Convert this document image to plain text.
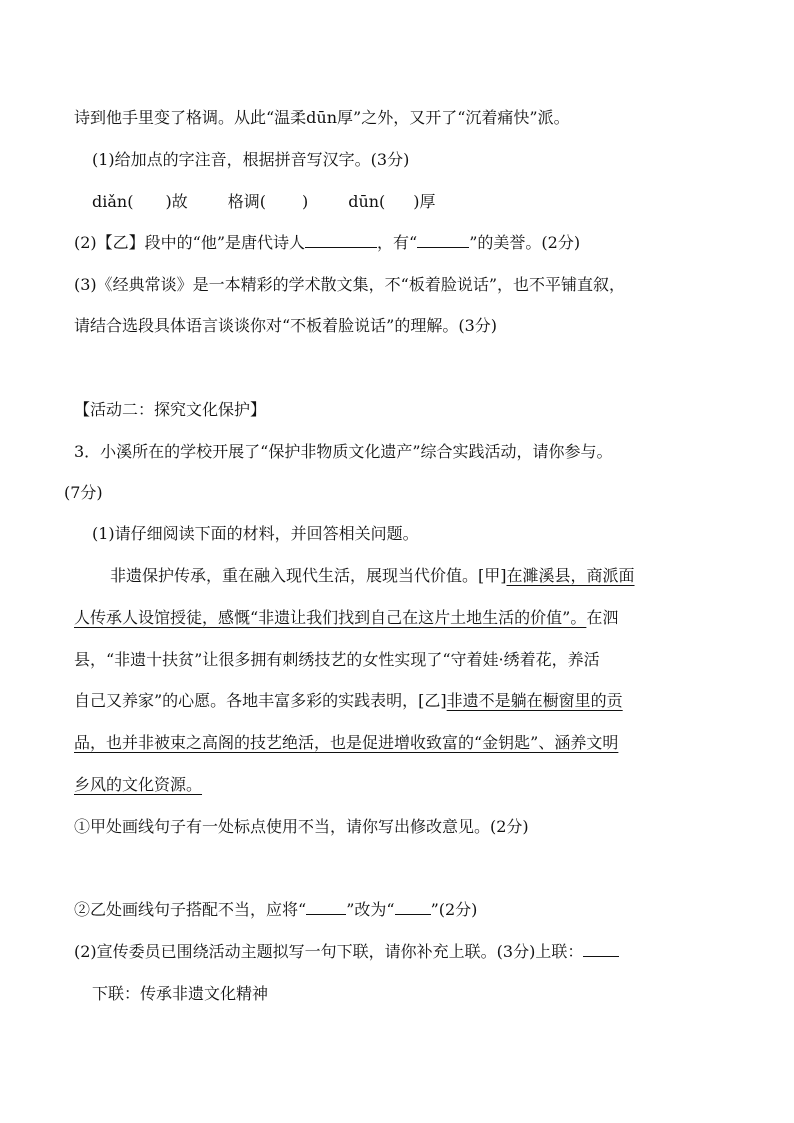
诗到他手里变了格调。从此“温柔dūn厚”之外，又开了“沉着痛快”派。
(1)给加点的字注音，根据拼音写汉字。(3分)
diǎn( )故	格调( )	dūn( )厚
(2)【乙】段中的“他”是唐代诗人	，有“	”的美誉。(2分)
(3)《经典常谈》是一本精彩的学术散文集，不“板着脸说话”，也不平铺直叙，
请结合选段具体语言谈谈你对“不板着脸说话”的理解。(3分)
【活动二：探究文化保护】
3．小溪所在的学校开展了“保护非物质文化遗产”综合实践活动，请你参与。
(7分)
(1)请仔细阅读下面的材料，并回答相关问题。
非遗保护传承，重在融入现代生活，展现当代价值。[甲]在濉溪县，商派面
人传承人设馆授徒，感慨“非遗让我们找到自己在这片土地生活的价值”。在泗
县，“非遗十扶贫”让很多拥有刺绣技艺的女性实现了“守着娃·绣着花，养活
自己又养家”的心愿。各地丰富多彩的实践表明，[乙]非遗不是躺在橱窗里的贡
品，也并非被束之高阁的技艺绝活，也是促进增收致富的“金钥匙”、涵养文明
乡风的文化资源。
①甲处画线句子有一处标点使用不当，请你写出修改意见。(2分)
②乙处画线句子搭配不当，应将“	”改为“ ”(2分)
(2)宣传委员已围绕活动主题拟写一句下联，请你补充上联。(3分)上联：
下联：传承非遗文化精神
